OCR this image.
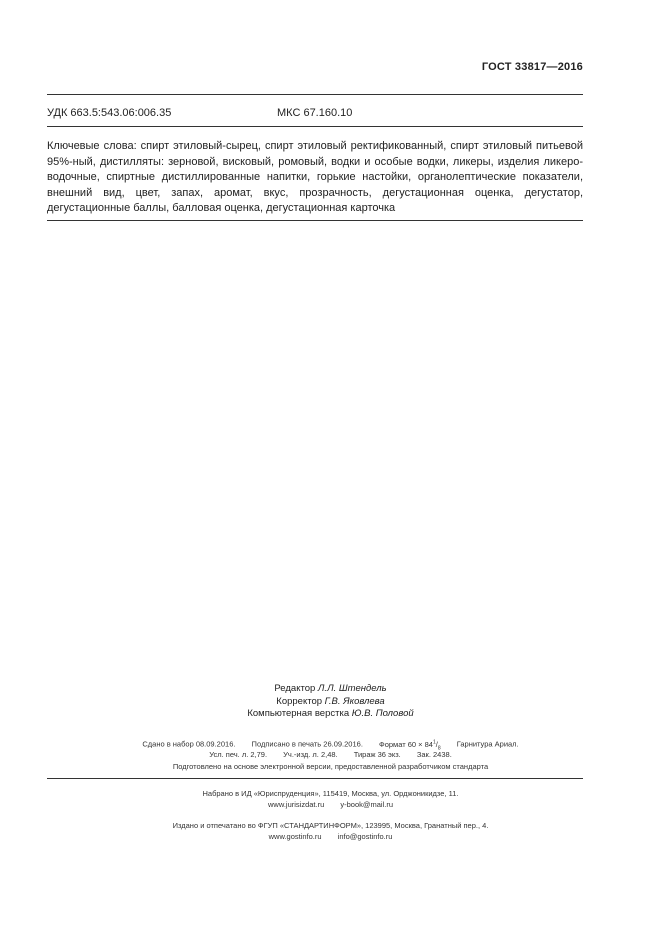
ГОСТ 33817—2016
УДК 663.5:543.06:006.35	МКС 67.160.10
Ключевые слова: спирт этиловый-сырец, спирт этиловый ректификованный, спирт этиловый питьевой 95%-ный, дистилляты: зерновой, висковый, ромовый, водки и особые водки, ликеры, изделия ликеро-водочные, спиртные дистиллированные напитки, горькие настойки, органолептические показатели, внешний вид, цвет, запах, аромат, вкус, прозрачность, дегустационная оценка, дегустатор, дегустационные баллы, балловая оценка, дегустационная карточка
Редактор Л.Л. Штендель
Корректор Г.В. Яковлева
Компьютерная верстка Ю.В. Половой
Сдано в набор 08.09.2016. Подписано в печать 26.09.2016. Формат $60 \times 84^1/_8$ Гарнитура Ариал.
Усл. печ. л. 2,79. Уч.-изд. л. 2,48. Тираж 36 экз. Зак. 2438.
Подготовлено на основе электронной версии, предоставленной разработчиком стандарта
Набрано в ИД «Юриспруденция», 115419, Москва, ул. Орджоникидзе, 11.
www.jurisizdat.ru y-book@mail.ru
Издано и отпечатано во ФГУП «СТАНДАРТИНФОРМ», 123995, Москва, Гранатный пер., 4.
www.gostinfo.ru info@gostinfo.ru
